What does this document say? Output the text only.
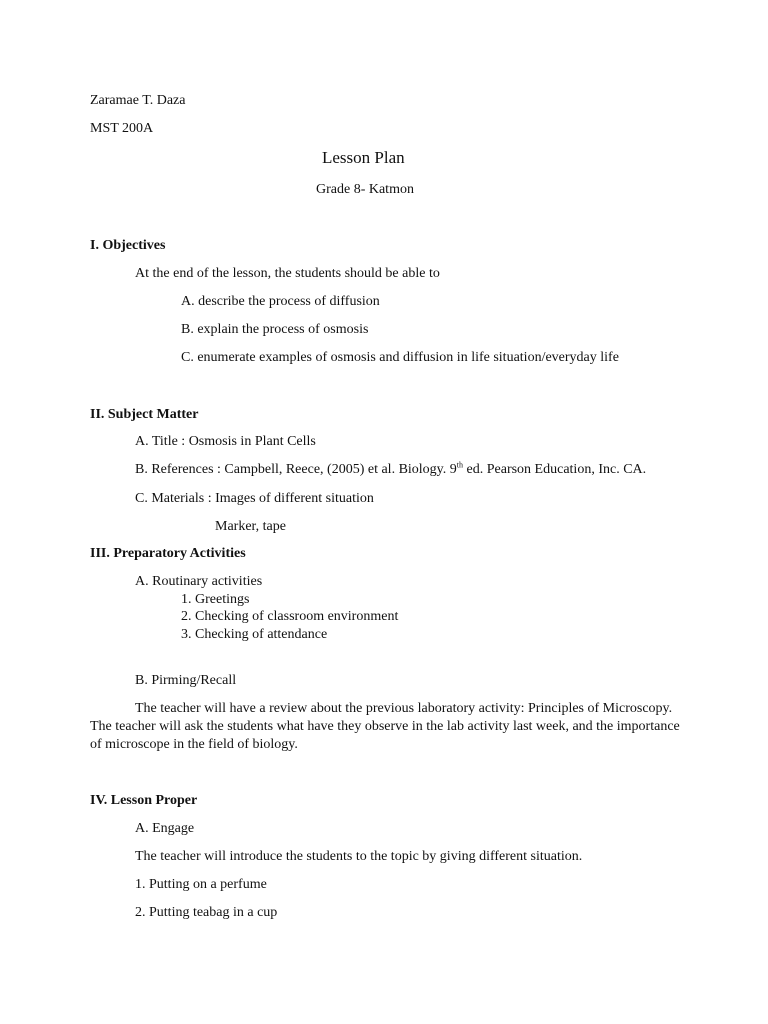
Zaramae T. Daza
MST 200A
Lesson Plan
Grade 8- Katmon
I. Objectives
At the end of the lesson, the students should be able to
A. describe the process of diffusion
B. explain the process of osmosis
C. enumerate examples of osmosis and diffusion in life situation/everyday life
II. Subject Matter
A. Title : Osmosis in Plant Cells
B. References : Campbell, Reece, (2005) et al. Biology. 9th ed. Pearson Education, Inc. CA.
C. Materials : Images of different situation
Marker, tape
III. Preparatory Activities
A. Routinary activities
1. Greetings
2. Checking of classroom environment
3. Checking of attendance
B. Pirming/Recall
The teacher will have a review about the previous laboratory activity: Principles of Microscopy.
The teacher will ask the students what have they observe in the lab activity last week, and the importance of microscope in the field of biology.
IV. Lesson Proper
A. Engage
The teacher will introduce the students to the topic by giving different situation.
1. Putting on a perfume
2. Putting teabag in a cup
